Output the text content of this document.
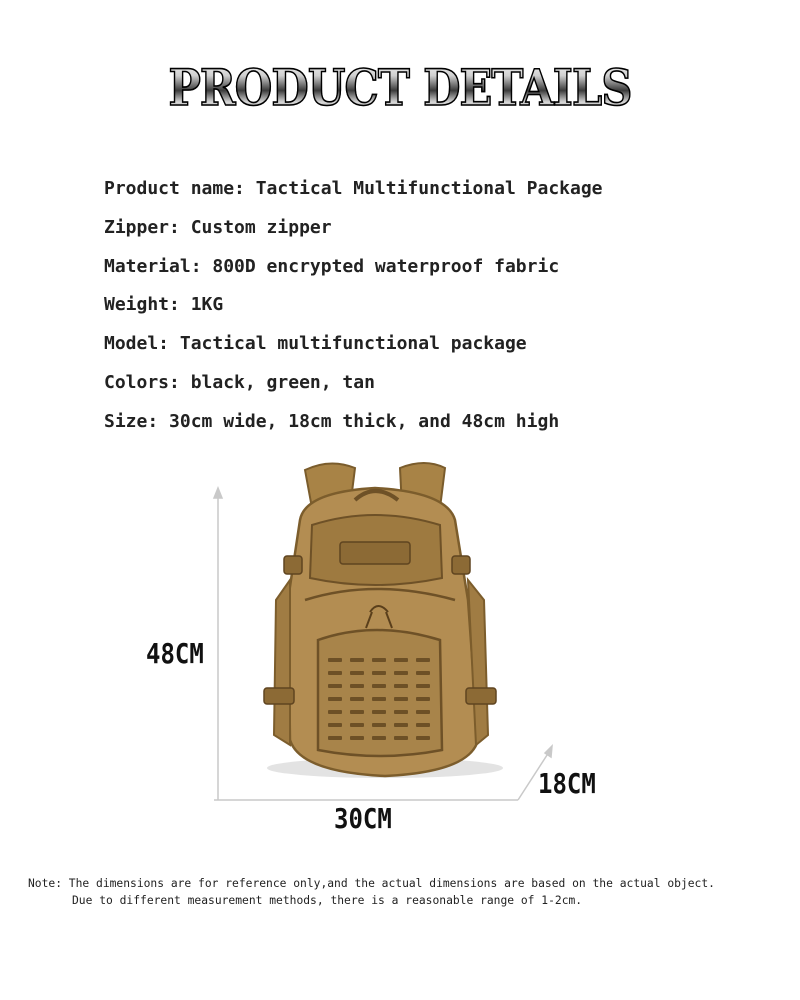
PRODUCT DETAILS
Product name: Tactical Multifunctional Package
Zipper: Custom zipper
Material: 800D encrypted waterproof fabric
Weight: 1KG
Model: Tactical multifunctional package
Colors: black, green, tan
Size: 30cm wide, 18cm thick, and 48cm high
48CM
30CM
18CM
Note: The dimensions are for reference only,and the actual dimensions are based on the actual object.
Due to different measurement methods, there is a reasonable range of 1-2cm.
